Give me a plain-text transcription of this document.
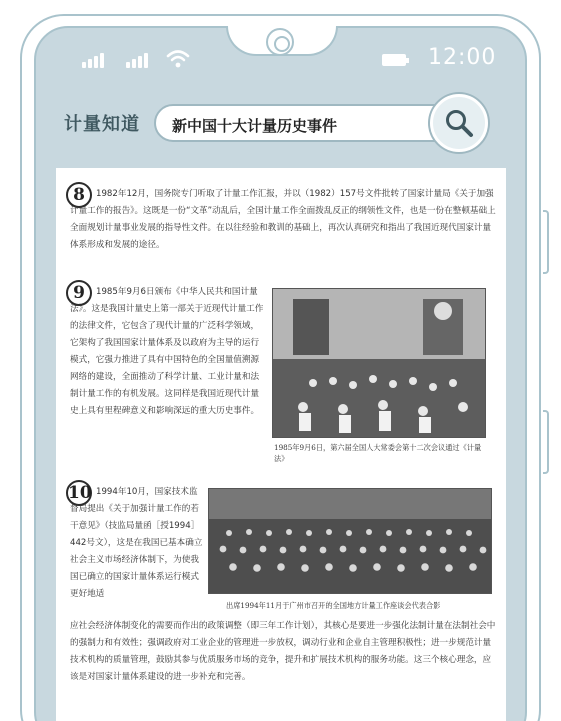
12:00
计量知道	新中国十大计量历史事件
8	1982年12月，国务院专门听取了计量工作汇报，并以（1982）157号文件批转了国家计量局《关于加强计量工作的报告》。这既是一份“文革”动乱后，全国计量工作全面拨乱反正的纲领性文件，也是一份在整顿基础上全面规划计量事业发展的指导性文件。在以往经验和教训的基础上，再次认真研究和指出了我国近现代国家计量体系形成和发展的途径。
9	1985年9月6日颁布《中华人民共和国计量法》。这是我国计量史上第一部关于近现代计量工作的法律文件，它包含了现代计量的广泛科学领域，它架构了我国国家计量体系及以政府为主导的运行模式，它强力推进了具有中国特色的全国量值溯源网络的建设，全面推动了科学计量、工业计量和法制计量工作的有机发展。这同样是我国近现代计量史上具有里程碑意义和影响深远的重大历史事件。
1985年9月6日，第六届全国人大常委会第十二次会议通过《计量法》
10 1994年10月，国家技术监督局提出《关于加强计量工作的若干意见》（技监局量函［授1994］442号文），这是在我国已基本确立社会主义市场经济体制下，为使我国已确立的国家计量体系运行模式更好地适
出席1994年11月于广州市召开的全国地方计量工作座谈会代表合影
应社会经济体制变化的需要而作出的政策调整（即三年工作计划），其核心是要进一步强化法制计量在法制社会中的强制力和有效性；强调政府对工业企业的管理进一步放权，调动行业和企业自主管理积极性；进一步规范计量技术机构的质量管理，鼓励其参与优质服务市场的竞争，提升和扩展技术机构的服务功能。这三个核心理念，应该是对国家计量体系建设的进一步补充和完善。
